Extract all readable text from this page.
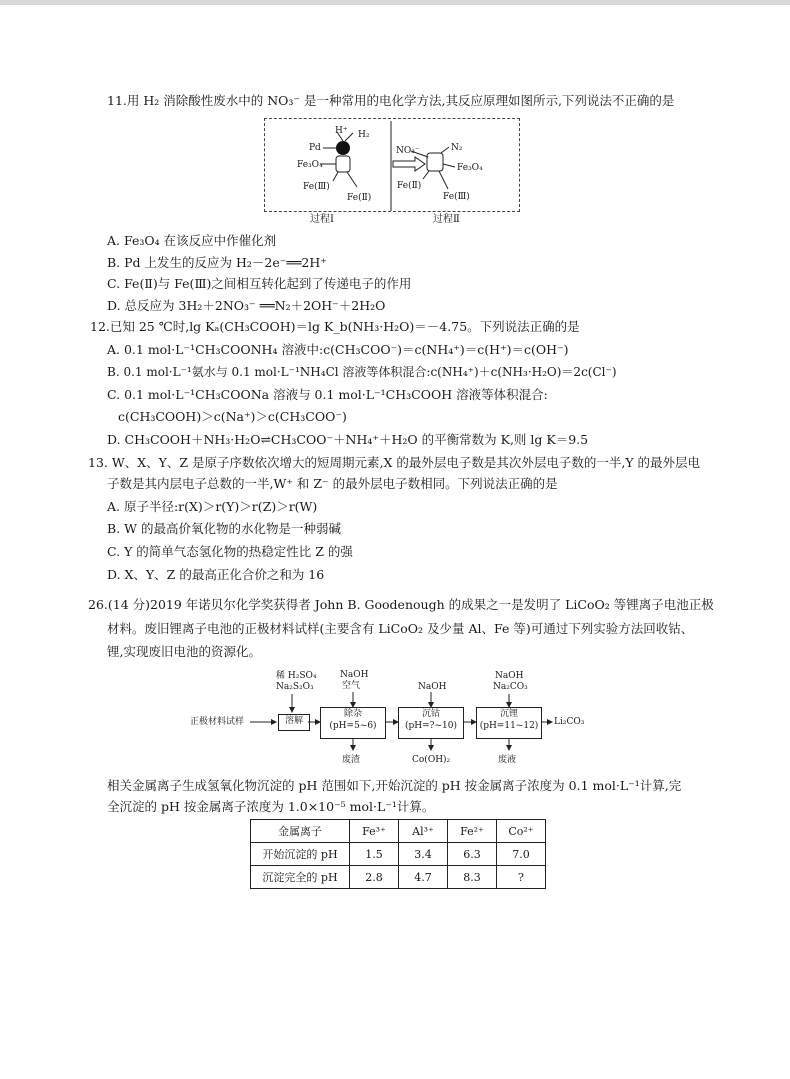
11.用 H₂ 消除酸性废水中的 NO₃⁻ 是一种常用的电化学方法,其反应原理如图所示,下列说法不正确的是
H⁺ H₂
Pd
Fe₃O₄
Fe(Ⅲ)
Fe(Ⅱ)
NO₃⁻	N₂
Fe₃O₄
Fe(Ⅱ)
Fe(Ⅲ)
过程Ⅰ	过程Ⅱ
A. Fe₃O₄ 在该反应中作催化剂
B. Pd 上发生的反应为 H₂－2e⁻══2H⁺
C. Fe(Ⅱ)与 Fe(Ⅲ)之间相互转化起到了传递电子的作用
D. 总反应为 3H₂＋2NO₃⁻ ══N₂＋2OH⁻＋2H₂O
12.已知 25 ℃时,lg Kₐ(CH₃COOH)＝lg K_b(NH₃·H₂O)＝－4.75。下列说法正确的是
A. 0.1 mol·L⁻¹CH₃COONH₄ 溶液中:c(CH₃COO⁻)＝c(NH₄⁺)＝c(H⁺)＝c(OH⁻)
B. 0.1 mol·L⁻¹氨水与 0.1 mol·L⁻¹NH₄Cl 溶液等体积混合:c(NH₄⁺)＋c(NH₃·H₂O)＝2c(Cl⁻)
C. 0.1 mol·L⁻¹CH₃COONa 溶液与 0.1 mol·L⁻¹CH₃COOH 溶液等体积混合:
c(CH₃COOH)＞c(Na⁺)＞c(CH₃COO⁻)
D. CH₃COOH＋NH₃·H₂O⇌CH₃COO⁻＋NH₄⁺＋H₂O 的平衡常数为 K,则 lg K＝9.5
13. W、X、Y、Z 是原子序数依次增大的短周期元素,X 的最外层电子数是其次外层电子数的一半,Y 的最外层电
子数是其内层电子总数的一半,W⁺ 和 Z⁻ 的最外层电子数相同。下列说法正确的是
A. 原子半径:r(X)＞r(Y)＞r(Z)＞r(W)
B. W 的最高价氧化物的水化物是一种弱碱
C. Y 的简单气态氢化物的热稳定性比 Z 的强
D. X、Y、Z 的最高正化合价之和为 16
26.(14 分)2019 年诺贝尔化学奖获得者 John B. Goodenough 的成果之一是发明了 LiCoO₂ 等锂离子电池正极
材料。废旧锂离子电池的正极材料试样(主要含有 LiCoO₂ 及少量 Al、Fe 等)可通过下列实验方法回收钴、
锂,实现废旧电池的资源化。
正极材料试样
稀 H₂SO₄
Na₂S₂O₃
NaOH
空气	NaOH
NaOH
Na₂CO₃
溶解
除杂
(pH=5~6)
沉钴
(pH=?~10)
沉锂
(pH=11~12) Li₂CO₃
废渣	Co(OH)₂	废液
相关金属离子生成氢氧化物沉淀的 pH 范围如下,开始沉淀的 pH 按金属离子浓度为 0.1 mol·L⁻¹计算,完
全沉淀的 pH 按金属离子浓度为 1.0×10⁻⁵ mol·L⁻¹计算。
金属离子	Fe³⁺	Al³⁺	Fe²⁺	Co²⁺
开始沉淀的 pH	1.5	3.4	6.3	7.0
沉淀完全的 pH	2.8	4.7	8.3	?
